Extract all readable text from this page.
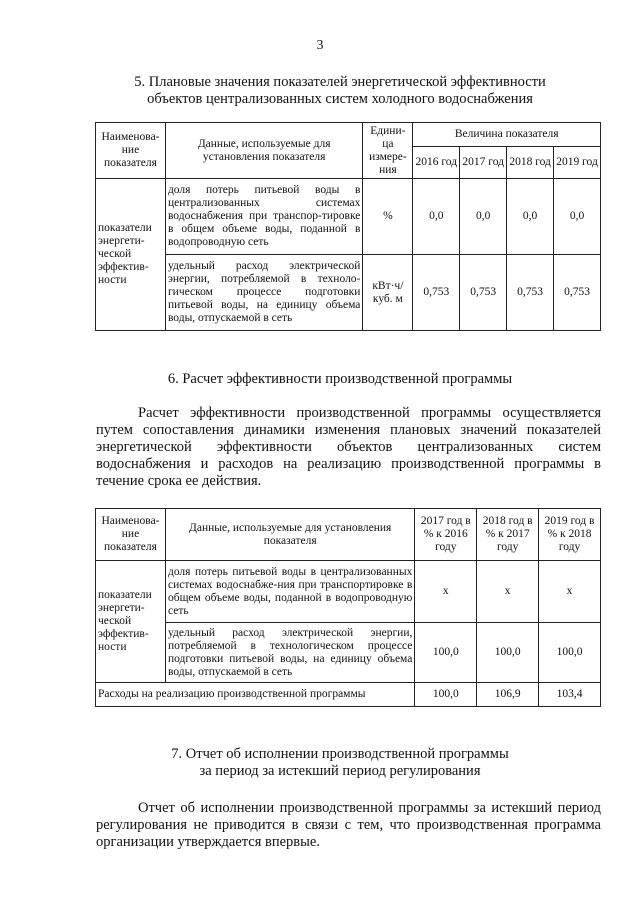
3
5. Плановые значения показателей энергетической эффективности
объектов централизованных систем холодного водоснабжения
Наименова-ние показателя	Данные, используемые для установления показателя	Едини-ца измере-ния	Величина показателя			
			2016 год	2017 год	2018 год	2019 год
показатели энергети-ческой эффектив-ности	доля потерь питьевой воды в централизованных системах водоснабжения при транспор-тировке в общем объеме воды, поданной в водопроводную сеть	%	0,0	0,0	0,0	0,0
	удельный расход электрической энергии, потребляемой в техноло-гическом процессе подготовки питьевой воды, на единицу объема воды, отпускаемой в сеть	кВт·ч/ куб. м	0,753	0,753	0,753	0,753
6. Расчет эффективности производственной программы
Расчет эффективности производственной программы осуществляется путем сопоставления динамики изменения плановых значений показателей энергетической эффективности объектов централизованных систем водоснабжения и расходов на реализацию производственной программы в течение срока ее действия.
Наименова-ние показателя	Данные, используемые для установления показателя	2017 год в % к 2016 году	2018 год в % к 2017 году	2019 год в % к 2018 году
показатели энергети-ческой эффектив-ности	доля потерь питьевой воды в централизованных системах водоснабже-ния при транспортировке в общем объеме воды, поданной в водопроводную сеть	х	х	х
	удельный расход электрической энергии, потребляемой в технологическом процессе подготовки питьевой воды, на единицу объема воды, отпускаемой в сеть	100,0	100,0	100,0
Расходы на реализацию производственной программы		100,0	106,9	103,4
7. Отчет об исполнении производственной программы
за период за истекший период регулирования
Отчет об исполнении производственной программы за истекший период регулирования не приводится в связи с тем, что производственная программа организации утверждается впервые.
